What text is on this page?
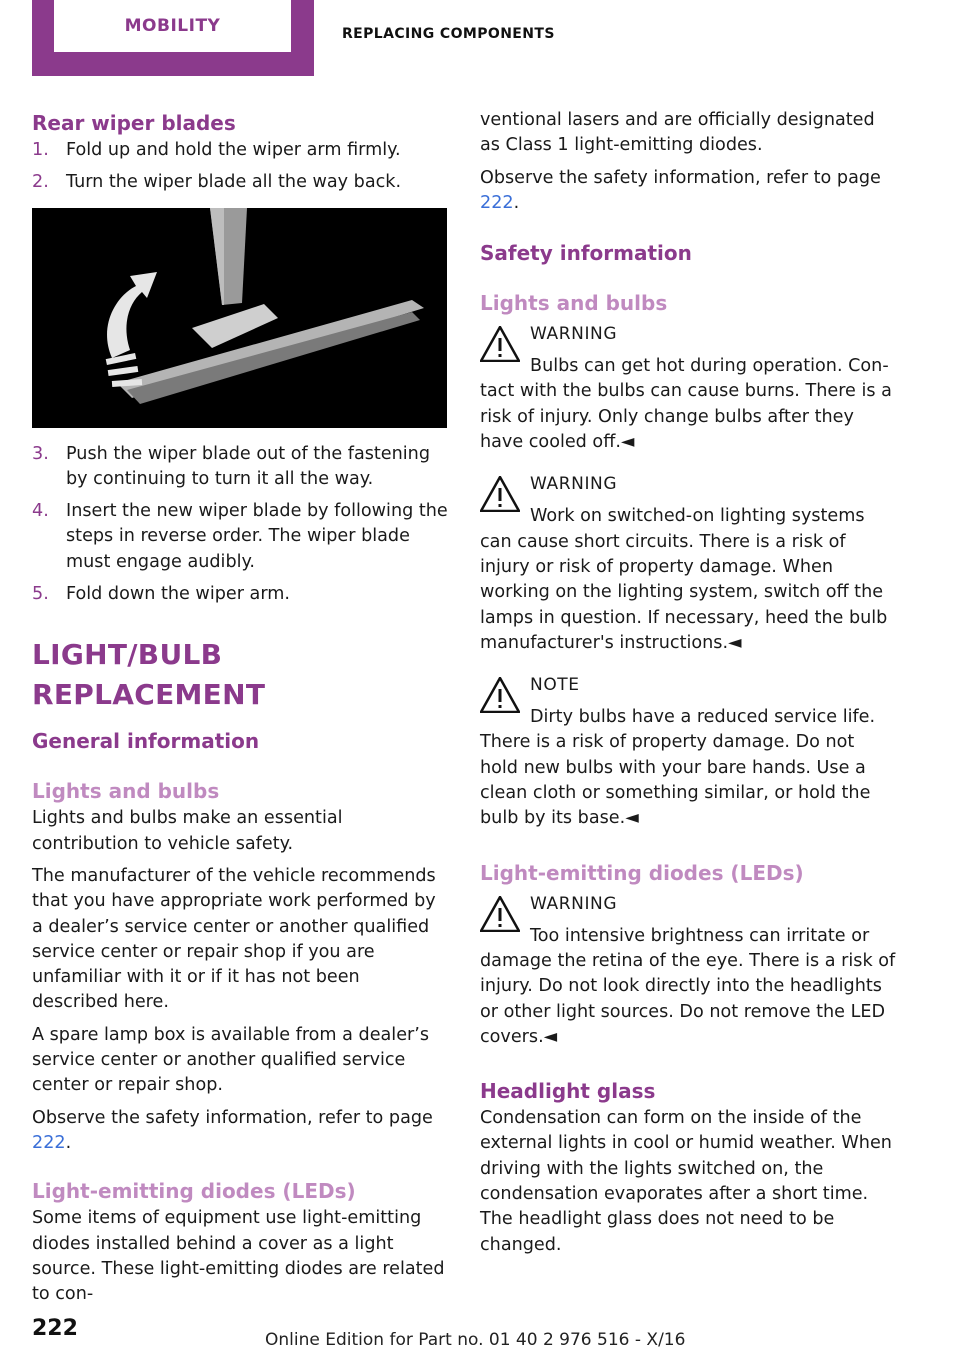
MOBILITY	REPLACING COMPONENTS
Rear wiper blades
1. Fold up and hold the wiper arm firmly.
2. Turn the wiper blade all the way back.
3. Push the wiper blade out of the fastening by continuing to turn it all the way.
4. Insert the new wiper blade by following the steps in reverse order. The wiper blade must engage audibly.
5. Fold down the wiper arm.
LIGHT/BULB REPLACEMENT
General information
Lights and bulbs

Lights and bulbs make an essential contribution to vehicle safety.

The manufacturer of the vehicle recommends that you have appropriate work performed by a dealer’s service center or another qualified service center or repair shop if you are unfamiliar with it or if it has not been described here.

A spare lamp box is available from a dealer’s service center or another qualified service center or repair shop.

Observe the safety information, refer to page 222.

Light-emitting diodes (LEDs)

Some items of equipment use light-emitting diodes installed behind a cover as a light source. These light-emitting diodes are related to con-

ventional lasers and are officially designated as Class 1 light-emitting diodes.

Observe the safety information, refer to page 222.

Safety information
Lights and bulbs
WARNING
Bulbs can get hot during operation. Con-
tact with the bulbs can cause burns. There is a risk of injury. Only change bulbs after they have cooled off.◄
WARNING
Work on switched-on lighting systems
can cause short circuits. There is a risk of injury or risk of property damage. When working on the lighting system, switch off the lamps in question. If necessary, heed the bulb manufacturer's instructions.◄
NOTE
Dirty bulbs have a reduced service life.
There is a risk of property damage. Do not hold new bulbs with your bare hands. Use a clean cloth or something similar, or hold the bulb by its base.◄
Light-emitting diodes (LEDs)
WARNING
Too intensive brightness can irritate or
damage the retina of the eye. There is a risk of injury. Do not look directly into the headlights or other light sources. Do not remove the LED covers.◄
Headlight glass

Condensation can form on the inside of the external lights in cool or humid weather. When driving with the lights switched on, the condensation evaporates after a short time. The headlight glass does not need to be changed.

222	Online Edition for Part no. 01 40 2 976 516 - X/16
